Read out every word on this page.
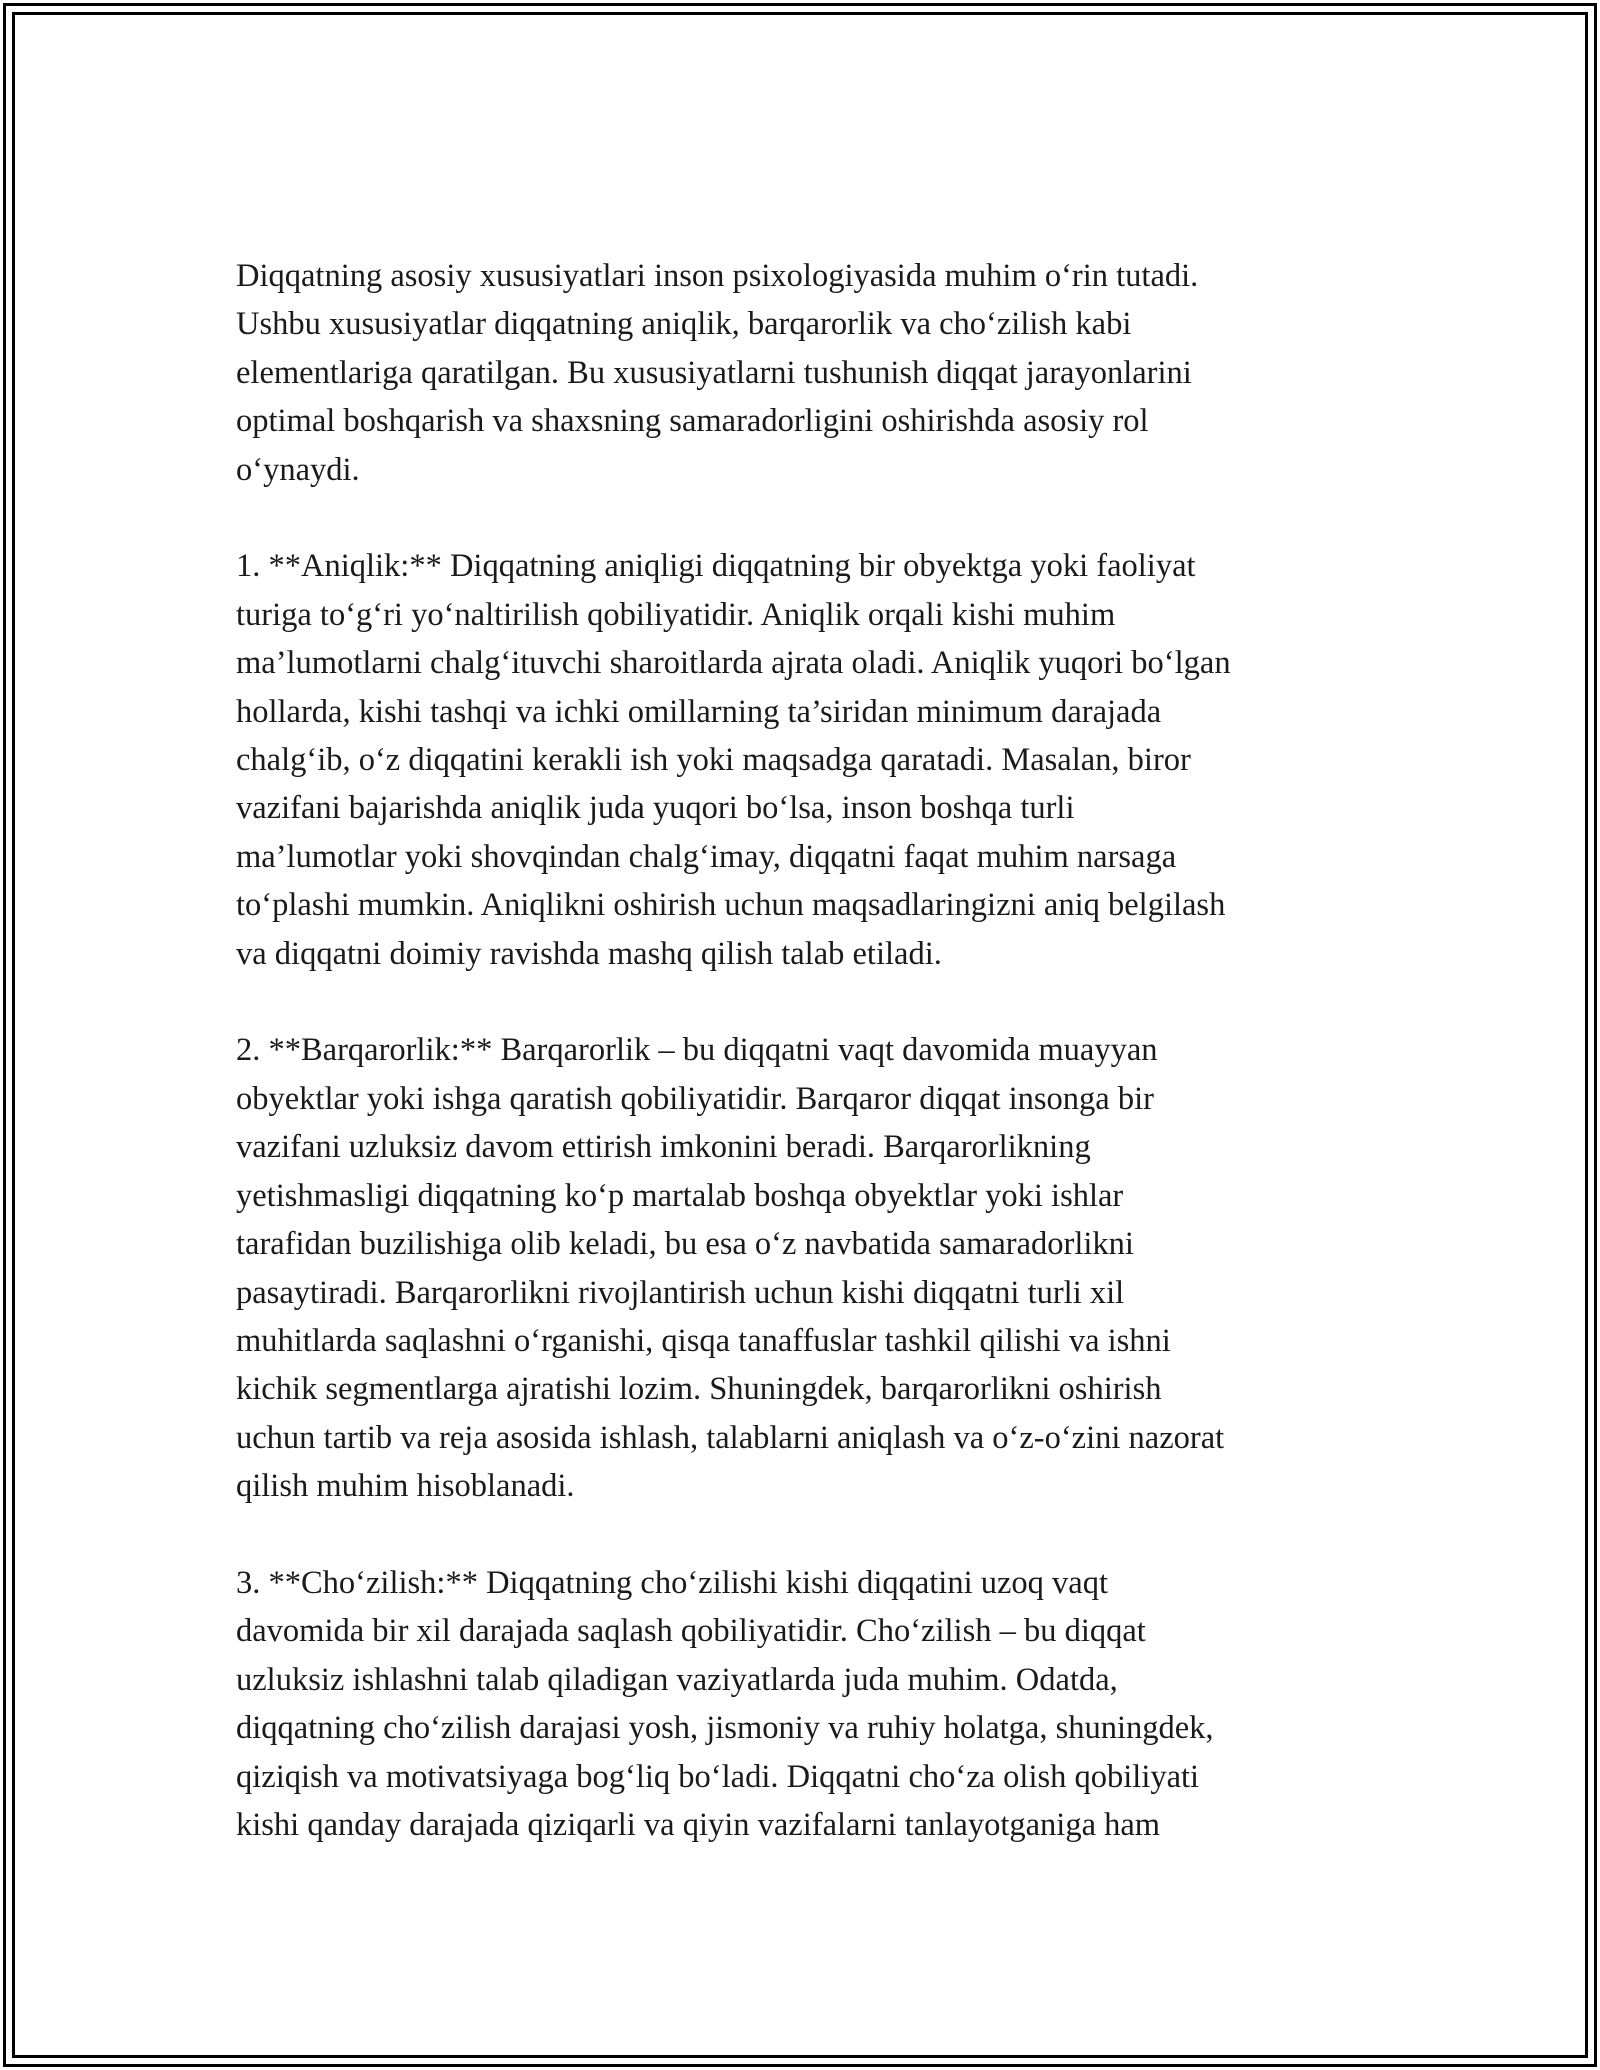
Diqqatning asosiy xususiyatlari inson psixologiyasida muhim o‘rin tutadi.
Ushbu xususiyatlar diqqatning aniqlik, barqarorlik va cho‘zilish kabi
elementlariga qaratilgan. Bu xususiyatlarni tushunish diqqat jarayonlarini
optimal boshqarish va shaxsning samaradorligini oshirishda asosiy rol
o‘ynaydi.

1. **Aniqlik:** Diqqatning aniqligi diqqatning bir obyektga yoki faoliyat
turiga to‘g‘ri yo‘naltirilish qobiliyatidir. Aniqlik orqali kishi muhim
ma’lumotlarni chalg‘ituvchi sharoitlarda ajrata oladi. Aniqlik yuqori bo‘lgan
hollarda, kishi tashqi va ichki omillarning ta’siridan minimum darajada
chalg‘ib, o‘z diqqatini kerakli ish yoki maqsadga qaratadi. Masalan, biror
vazifani bajarishda aniqlik juda yuqori bo‘lsa, inson boshqa turli
ma’lumotlar yoki shovqindan chalg‘imay, diqqatni faqat muhim narsaga
to‘plashi mumkin. Aniqlikni oshirish uchun maqsadlaringizni aniq belgilash
va diqqatni doimiy ravishda mashq qilish talab etiladi.

2. **Barqarorlik:** Barqarorlik – bu diqqatni vaqt davomida muayyan
obyektlar yoki ishga qaratish qobiliyatidir. Barqaror diqqat insonga bir
vazifani uzluksiz davom ettirish imkonini beradi. Barqarorlikning
yetishmasligi diqqatning ko‘p martalab boshqa obyektlar yoki ishlar
tarafidan buzilishiga olib keladi, bu esa o‘z navbatida samaradorlikni
pasaytiradi. Barqarorlikni rivojlantirish uchun kishi diqqatni turli xil
muhitlarda saqlashni o‘rganishi, qisqa tanaffuslar tashkil qilishi va ishni
kichik segmentlarga ajratishi lozim. Shuningdek, barqarorlikni oshirish
uchun tartib va reja asosida ishlash, talablarni aniqlash va o‘z-o‘zini nazorat
qilish muhim hisoblanadi.

3. **Cho‘zilish:** Diqqatning cho‘zilishi kishi diqqatini uzoq vaqt
davomida bir xil darajada saqlash qobiliyatidir. Cho‘zilish – bu diqqat
uzluksiz ishlashni talab qiladigan vaziyatlarda juda muhim. Odatda,
diqqatning cho‘zilish darajasi yosh, jismoniy va ruhiy holatga, shuningdek,
qiziqish va motivatsiyaga bog‘liq bo‘ladi. Diqqatni cho‘za olish qobiliyati
kishi qanday darajada qiziqarli va qiyin vazifalarni tanlayotganiga ham
